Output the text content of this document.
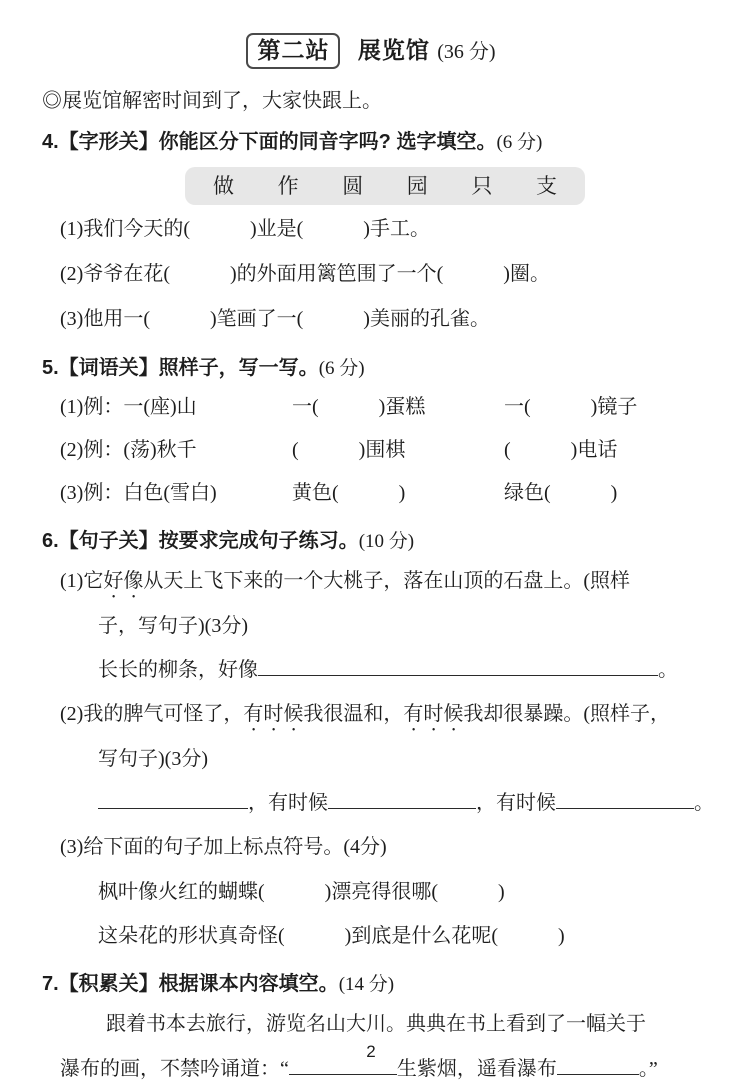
第二站 展览馆 (36 分)
◎展览馆解密时间到了，大家快跟上。
4.【字形关】你能区分下面的同音字吗? 选字填空。(6 分)
做 作 圆 园 只 支
(1)我们今天的(　　　)业是(　　　)手工。
(2)爷爷在花(　　　)的外面用篱笆围了一个(　　　)圈。
(3)他用一(　　　)笔画了一(　　　)美丽的孔雀。
5.【词语关】照样子，写一写。(6 分)
(1)例：一(座)山	一(　　　)蛋糕	一(　　　)镜子
(2)例：(荡)秋千	(　　　)围棋	(　　　)电话
(3)例：白色(雪白)	黄色(　　　)	绿色(　　　)
6.【句子关】按要求完成句子练习。(10 分)
(1)它好像从天上飞下来的一个大桃子，落在山顶的石盘上。(照样
子，写句子)(3分)
长长的柳条，好像	。
(2)我的脾气可怪了，有时候我很温和，有时候我却很暴躁。(照样子，
写句子)(3分)
，有时候	，有时候	。
(3)给下面的句子加上标点符号。(4分)
枫叶像火红的蝴蝶(　　　)漂亮得很哪(　　　)
这朵花的形状真奇怪(　　　)到底是什么花呢(　　　)
7.【积累关】根据课本内容填空。(14 分)
跟着书本去旅行，游览名山大川。典典在书上看到了一幅关于
瀑布的画，不禁吟诵道：“	生紫烟，遥看瀑布	。”
2
